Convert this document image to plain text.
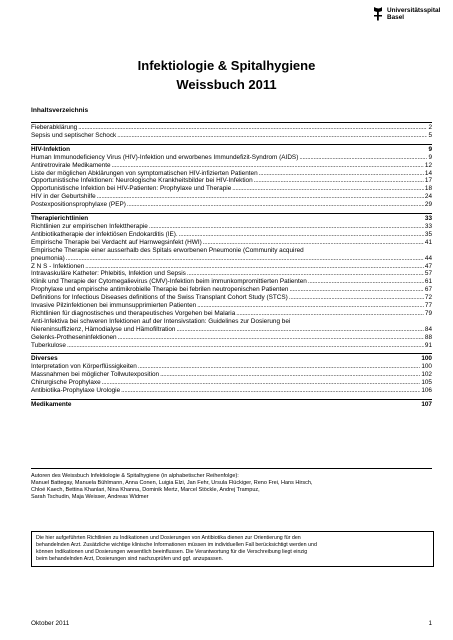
Universitätsspital
Basel
Infektiologie & Spitalhygiene
Weissbuch 2011
Inhaltsverzeichnis
Fieberabklärung .....	2
Sepsis und septischer Schock .....	5
HIV-Infektion	9
Human Immunodeficiency Virus (HIV)-Infektion und erworbenes Immundefizit-Syndrom (AIDS) .....	9
Antiretrovirale Medikamente .....	12
Liste der möglichen Abklärungen von symptomatischen HIV-infizierten Patienten .....	14
Opportunistische Infektionen: Neurologische Krankheitsbilder bei HIV-Infektion .....	17
Opportunistische Infektion bei HIV-Patienten: Prophylaxe und Therapie .....	18
HIV in der Geburtshilfe .....	24
Postexpositionsprophylaxe (PEP) .....	29
Therapierichtlinien	33
Richtlinien zur empirischen Infekttherapie .....	33
Antibiotikatherapie der infektiösen Endokarditis (IE). .....	35
Empirische Therapie bei Verdacht auf Harnwegsinfekt (HWI) .....	41
Empirische Therapie einer ausserhalb des Spitals erworbenen Pneumonie (Community acquired
pneumonia) .....	44
Z N S - Infektionen .....	47
Intravaskuläre Katheter: Phlebitis, Infektion und Sepsis .....	57
Klinik und Therapie der Cytomegalievirus (CMV)-Infektion beim immunkompromittierten Patienten .....	61
Prophylaxe und empirische antimikrobielle Therapie bei febrilen neutropenischen Patienten .....	67
Definitions for Infectious Diseases definitions of the Swiss Transplant Cohort Study (STCS) .....	72
Invasive Pilzinfektionen bei immunsupprimierten Patienten .....	77
Richtlinien für diagnostisches und therapeutisches Vorgehen bei Malaria .....	79
Anti-Infektiva bei schweren Infektionen auf der Intensivstation: Guidelines zur Dosierung bei
Niereninsuffizienz, Hämodialyse und Hämofiltration .....	84
Gelenks-Protheseninfektionen .....	88
Tuberkulose .....	91
Diverses	100
Interpretation von Körperflüssigkeiten .....	100
Massnahmen bei möglicher Tollwutexposition .....	102
Chirurgische Prophylaxe .....	105
Antibiotika-Prophylaxe Urologie .....	106
Medikamente	107
Autoren des Weissbuch Infektiologie & Spitalhygiene (in alphabetischer Reihenfolge):
Manuel Battegay, Manuela Bühlmann, Anna Conen, Luigia Elzi, Jan Fehr, Ursula Flückiger, Reno Frei, Hans Hirsch,
Chloé Kaech, Bettina Khanlari, Nina Khanna, Dominik Mertz, Marcel Stöckle, Andrej Trampuz,
Sarah Tschudin, Maja Weisser, Andreas Widmer
Die hier aufgeführten Richtlinien zu Indikationen und Dosierungen von Antibiotika dienen zur Orientierung für den
behandelnden Arzt. Zusätzliche wichtige klinische Informationen müssen im individuellen Fall berücksichtigt werden und
können Indikationen und Dosierungen wesentlich beeinflussen. Die Verantwortung für die Verschreibung liegt einzig
beim behandelnden Arzt, Dosierungen sind nachzuprüfen und ggf. anzupassen.
Oktober 2011	1
